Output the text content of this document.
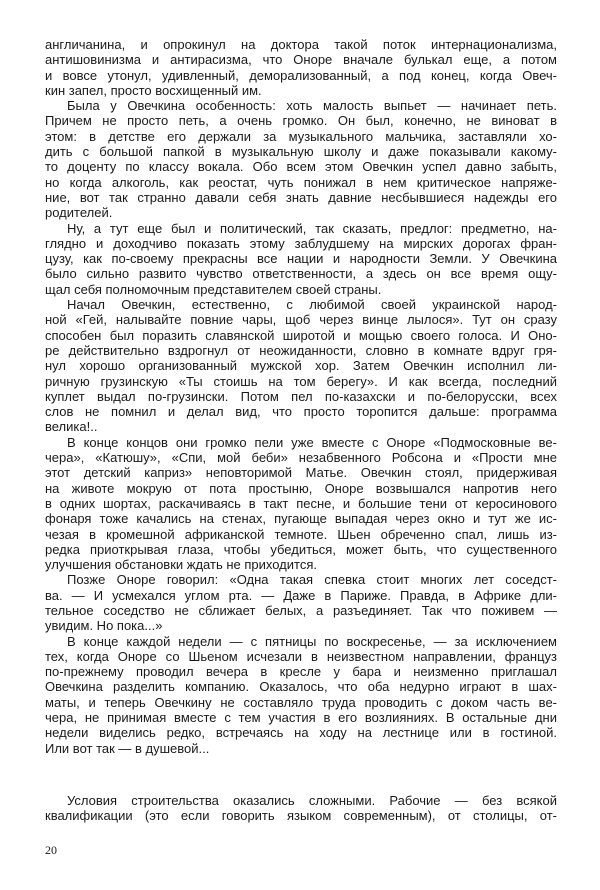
англичанина, и опрокинул на доктора такой поток интернационализма,
антишовинизма и антирасизма, что Оноре вначале булькал еще, а потом
и вовсе утонул, удивленный, деморализованный, а под конец, когда Овеч-
кин запел, просто восхищенный им.
Была у Овечкина особенность: хоть малость выпьет — начинает петь.
Причем не просто петь, а очень громко. Он был, конечно, не виноват в
этом: в детстве его держали за музыкального мальчика, заставляли хо-
дить с большой папкой в музыкальную школу и даже показывали какому-
то доценту по классу вокала. Обо всем этом Овечкин успел давно забыть,
но когда алкоголь, как реостат, чуть понижал в нем критическое напряже-
ние, вот так странно давали себя знать давние несбывшиеся надежды его
родителей.
Ну, а тут еще был и политический, так сказать, предлог: предметно, на-
глядно и доходчиво показать этому заблудшему на мирских дорогах фран-
цузу, как по-своему прекрасны все нации и народности Земли. У Овечкина
было сильно развито чувство ответственности, а здесь он все время ощу-
щал себя полномочным представителем своей страны.
Начал Овечкин, естественно, с любимой своей украинской народ-
ной «Гей, налывайте повние чары, щоб через винце лылося». Тут он сразу
способен был поразить славянской широтой и мощью своего голоса. И Оно-
ре действительно вздрогнул от неожиданности, словно в комнате вдруг гря-
нул хорошо организованный мужской хор. Затем Овечкин исполнил ли-
ричную грузинскую «Ты стоишь на том берегу». И как всегда, последний
куплет выдал по-грузински. Потом пел по-казахски и по-белорусски, всех
слов не помнил и делал вид, что просто торопится дальше: программа
велика!..
В конце концов они громко пели уже вместе с Оноре «Подмосковные ве-
чера», «Катюшу», «Спи, мой беби» незабвенного Робсона и «Прости мне
этот детский каприз» неповторимой Матье. Овечкин стоял, придерживая
на животе мокрую от пота простыню, Оноре возвышался напротив него
в одних шортах, раскачиваясь в такт песне, и большие тени от керосинового
фонаря тоже качались на стенах, пугающе выпадая через окно и тут же ис-
чезая в кромешной африканской темноте. Шьен обреченно спал, лишь из-
редка приоткрывая глаза, чтобы убедиться, может быть, что существенного
улучшения обстановки ждать не приходится.
Позже Оноре говорил: «Одна такая спевка стоит многих лет соседст-
ва. — И усмехался углом рта. — Даже в Париже. Правда, в Африке дли-
тельное соседство не сближает белых, а разъединяет. Так что поживем —
увидим. Но пока...»
В конце каждой недели — с пятницы по воскресенье, — за исключением
тех, когда Оноре со Шьеном исчезали в неизвестном направлении, француз
по-прежнему проводил вечера в кресле у бара и неизменно приглашал
Овечкина разделить компанию. Оказалось, что оба недурно играют в шах-
маты, и теперь Овечкину не составляло труда проводить с доком часть ве-
чера, не принимая вместе с тем участия в его возлияниях. В остальные дни
недели виделись редко, встречаясь на ходу на лестнице или в гостиной.
Или вот так — в душевой...
Условия строительства оказались сложными. Рабочие — без всякой
квалификации (это если говорить языком современным), от столицы, от-
20
